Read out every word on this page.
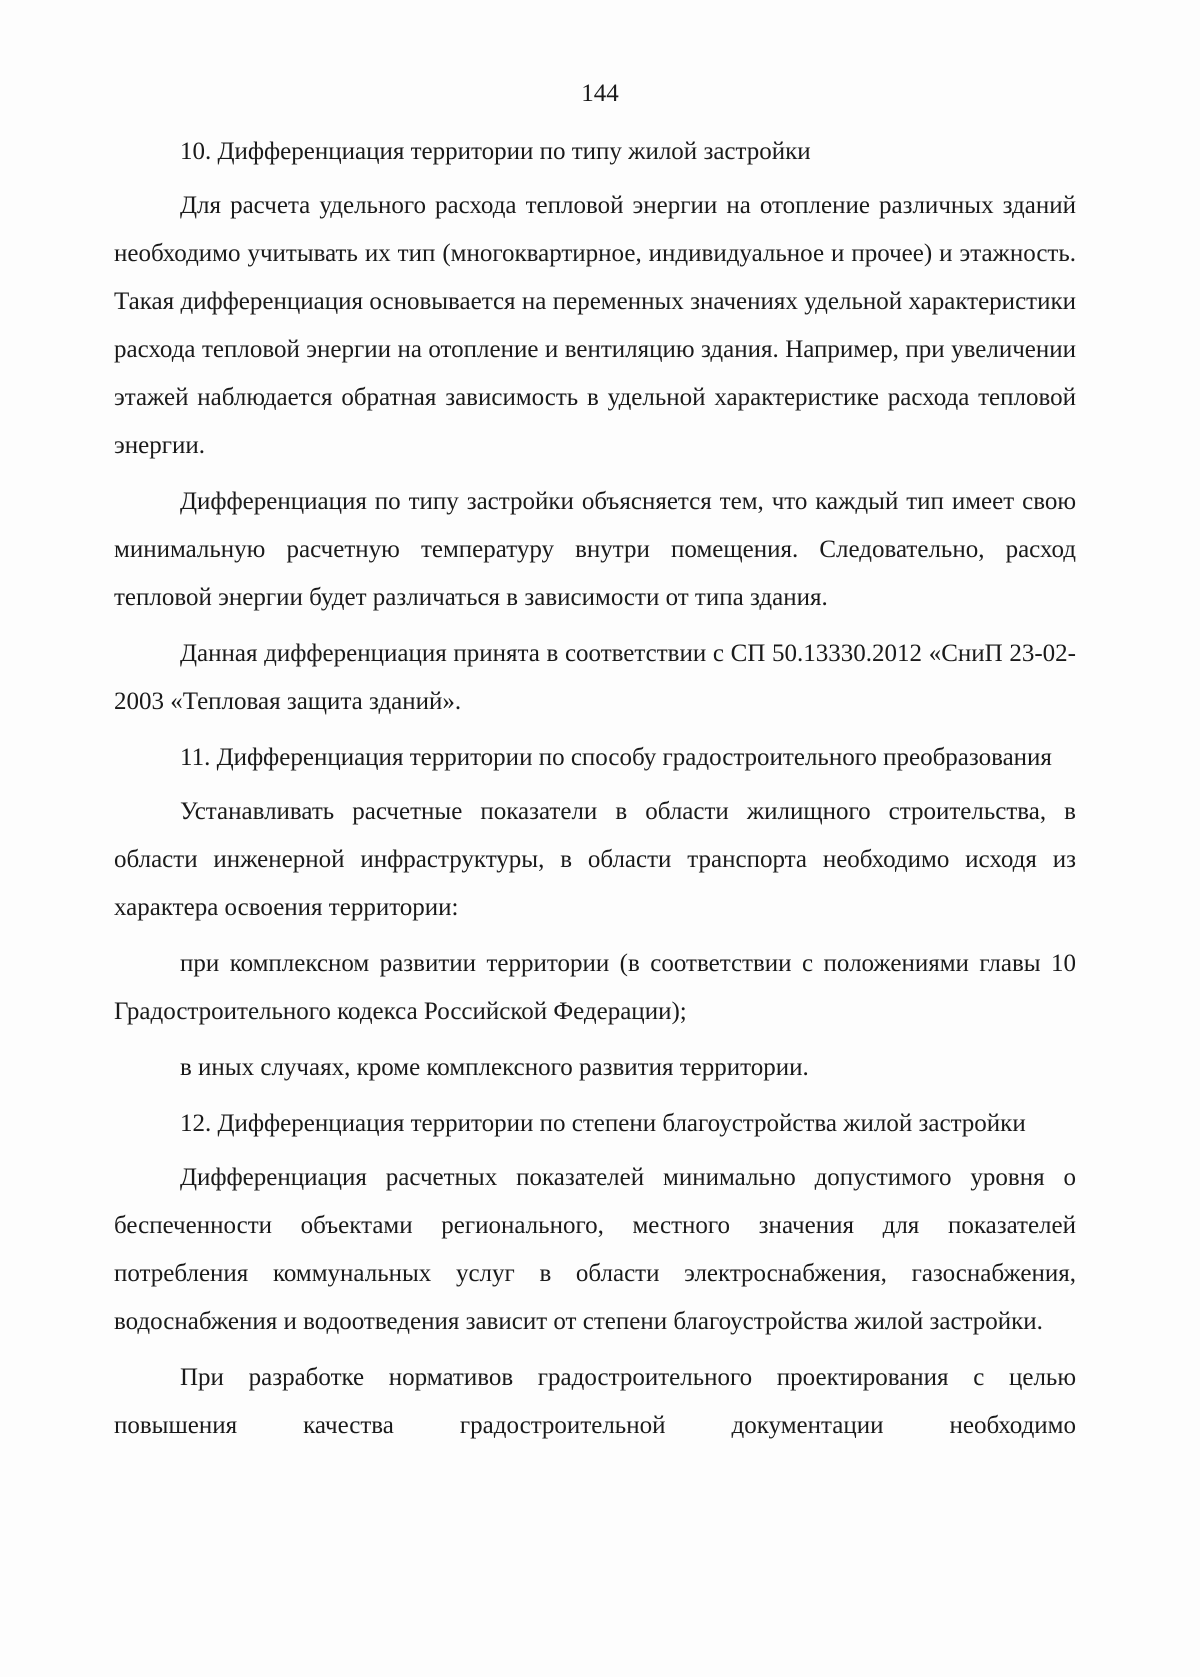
144

10. Дифференциация территории по типу жилой застройки

Для расчета удельного расхода тепловой энергии на отопление различных зданий необходимо учитывать их тип (многоквартирное, индивидуальное и прочее) и этажность. Такая дифференциация основывается на переменных значениях удельной характеристики расхода тепловой энергии на отопление и вентиляцию здания. Например, при увеличении этажей наблюдается обратная зависимость в удельной характеристике расхода тепловой энергии.

Дифференциация по типу застройки объясняется тем, что каждый тип имеет свою минимальную расчетную температуру внутри помещения. Следовательно, расход тепловой энергии будет различаться в зависимости от типа здания.

Данная дифференциация принята в соответствии с СП 50.13330.2012 «СниП 23-02-2003 «Тепловая защита зданий».

11. Дифференциация территории по способу градостроительного преобразования

Устанавливать расчетные показатели в области жилищного строительства, в области инженерной инфраструктуры, в области транспорта необходимо исходя из характера освоения территории:

при комплексном развитии территории (в соответствии с положениями главы 10 Градостроительного кодекса Российской Федерации);

в иных случаях, кроме комплексного развития территории.

12. Дифференциация территории по степени благоустройства жилой застройки

Дифференциация расчетных показателей минимально допустимого уровня о беспеченности объектами регионального, местного значения для показателей потребления коммунальных услуг в области электроснабжения, газоснабжения, водоснабжения и водоотведения зависит от степени благоустройства жилой застройки.

При разработке нормативов градостроительного проектирования с целью повышения качества градостроительной документации необходимо
